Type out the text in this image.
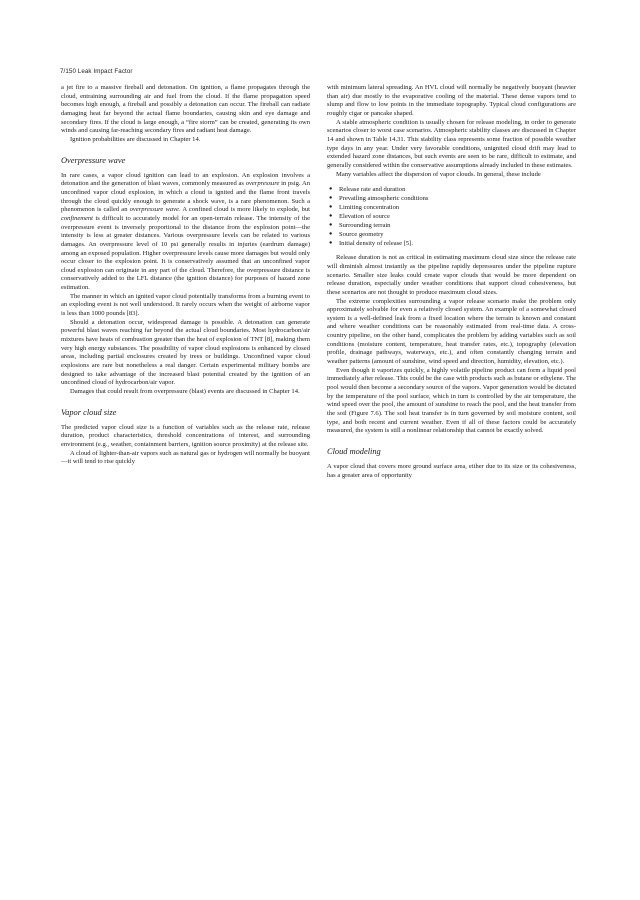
7/150 Leak Impact Factor

a jet fire to a massive fireball and detonation. On ignition, a flame propagates through the cloud, entraining surrounding air and fuel from the cloud. If the flame propagation speed becomes high enough, a fireball and possibly a detonation can occur. The fireball can radiate damaging heat far beyond the actual flame boundaries, causing skin and eye damage and secondary fires. If the cloud is large enough, a “fire storm” can be created, generating its own winds and causing far-reaching secondary fires and radiant heat damage.

Ignition probabilities are discussed in Chapter 14.

Overpressure wave

In rare cases, a vapor cloud ignition can lead to an explosion. An explosion involves a detonation and the generation of blast waves, commonly measured as overpressure in psig. An unconfined vapor cloud explosion, in which a cloud is ignited and the flame front travels through the cloud quickly enough to generate a shock wave, is a rare phenomenon. Such a phenomenon is called an overpressure wave. A confined cloud is more likely to explode, but confinement is difficult to accurately model for an open-terrain release. The intensity of the overpressure event is inversely proportional to the distance from the explosion point—the intensity is less at greater distances. Various overpressure levels can be related to various damages. An overpressure level of 10 psi generally results in injuries (eardrum damage) among an exposed population. Higher overpressure levels cause more damages but would only occur closer to the explosion point. It is conservatively assumed that an unconfined vapor cloud explosion can originate in any part of the cloud. Therefore, the overpressure distance is conservatively added to the LFL distance (the ignition distance) for purposes of hazard zone estimation.

The manner in which an ignited vapor cloud potentially transforms from a burning event to an exploding event is not well understood. It rarely occurs when the weight of airborne vapor is less than 1000 pounds [83].

Should a detonation occur, widespread damage is possible. A detonation can generate powerful blast waves reaching far beyond the actual cloud boundaries. Most hydrocarbon/air mixtures have heats of combustion greater than the heat of explosion of TNT [8], making them very high energy substances. The possibility of vapor cloud explosions is enhanced by closed areas, including partial enclosures created by trees or buildings. Unconfined vapor cloud explosions are rare but nonetheless a real danger. Certain experimental military bombs are designed to take advantage of the increased blast potential created by the ignition of an unconfined cloud of hydrocarbon/air vapor.

Damages that could result from overpressure (blast) events are discussed in Chapter 14.

Vapor cloud size

The predicted vapor cloud size is a function of variables such as the release rate, release duration, product characteristics, threshold concentrations of interest, and surrounding environment (e.g., weather, containment barriers, ignition source proximity) at the release site.

A cloud of lighter-than-air vapors such as natural gas or hydrogen will normally be buoyant—it will tend to rise quickly

with minimum lateral spreading. An HVL cloud will normally be negatively buoyant (heavier than air) due mostly to the evaporative cooling of the material. These dense vapors tend to slump and flow to low points in the immediate topography. Typical cloud configurations are roughly cigar or pancake shaped.

A stable atmospheric condition is usually chosen for release modeling, in order to generate scenarios closer to worst case scenarios. Atmospheric stability classes are discussed in Chapter 14 and shown in Table 14.31. This stability class represents some fraction of possible weather type days in any year. Under very favorable conditions, unignited cloud drift may lead to extended hazard zone distances, but such events are seen to be rare, difficult to estimate, and generally considered within the conservative assumptions already included in these estimates.

Many variables affect the dispersion of vapor clouds. In general, these include

● Release rate and duration
● Prevailing atmospheric conditions
● Limiting concentration
● Elevation of source
● Surrounding terrain
● Source geometry
● Initial density of release [5].

Release duration is not as critical in estimating maximum cloud size since the release rate will diminish almost instantly as the pipeline rapidly depressures under the pipeline rupture scenario. Smaller size leaks could create vapor clouds that would be more dependent on release duration, especially under weather conditions that support cloud cohesiveness, but these scenarios are not thought to produce maximum cloud sizes.

The extreme complexities surrounding a vapor release scenario make the problem only approximately solvable for even a relatively closed system. An example of a somewhat closed system is a well-defined leak from a fixed location where the terrain is known and constant and where weather conditions can be reasonably estimated from real-time data. A cross-country pipeline, on the other hand, complicates the problem by adding variables such as soil conditions (moisture content, temperature, heat transfer rates, etc.), topography (elevation profile, drainage pathways, waterways, etc.), and often constantly changing terrain and weather patterns (amount of sunshine, wind speed and direction, humidity, elevation, etc.).

Even though it vaporizes quickly, a highly volatile pipeline product can form a liquid pool immediately after release. This could be the case with products such as butane or ethylene. The pool would then become a secondary source of the vapors. Vapor generation would be dictated by the temperature of the pool surface, which in turn is controlled by the air temperature, the wind speed over the pool, the amount of sunshine to reach the pool, and the heat transfer from the soil (Figure 7.6). The soil heat transfer is in turn governed by soil moisture content, soil type, and both recent and current weather. Even if all of these factors could be accurately measured, the system is still a nonlinear relationship that cannot be exactly solved.

Cloud modeling

A vapor cloud that covers more ground surface area, either due to its size or its cohesiveness, has a greater area of opportunity
